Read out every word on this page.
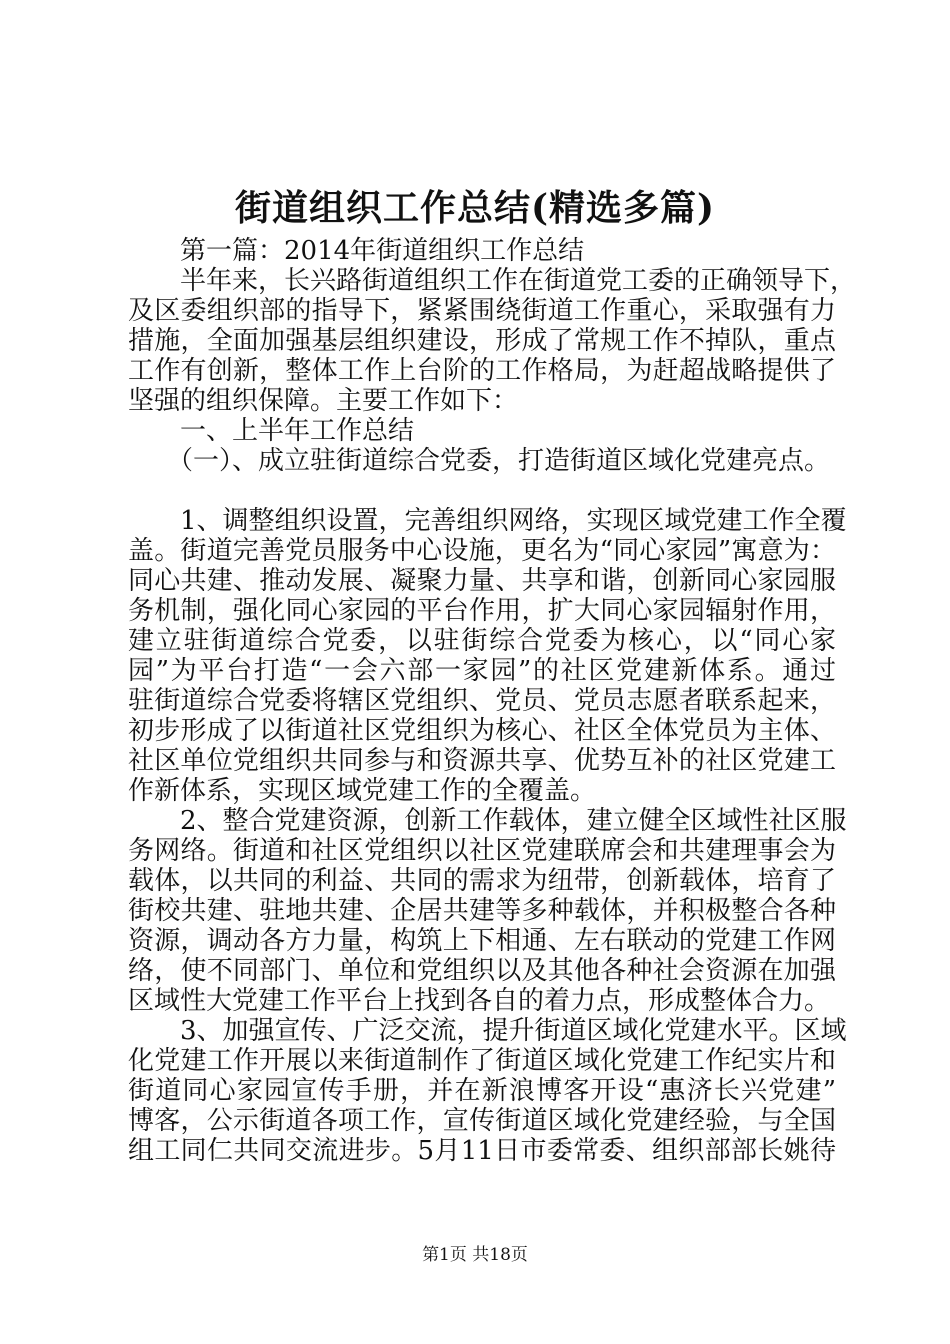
街道组织工作总结(精选多篇)
　　第一篇：2014年街道组织工作总结
　　半年来，长兴路街道组织工作在街道党工委的正确领导下，
及区委组织部的指导下，紧紧围绕街道工作重心，采取强有力
措施，全面加强基层组织建设，形成了常规工作不掉队，重点
工作有创新，整体工作上台阶的工作格局，为赶超战略提供了
坚强的组织保障。主要工作如下：
　　一、上半年工作总结
　　（一）、成立驻街道综合党委，打造街道区域化党建亮点。
　　1、调整组织设置，完善组织网络，实现区域党建工作全覆
盖。街道完善党员服务中心设施，更名为“同心家园”寓意为：
同心共建、推动发展、凝聚力量、共享和谐，创新同心家园服
务机制，强化同心家园的平台作用，扩大同心家园辐射作用，
建立驻街道综合党委，以驻街综合党委为核心，以“同心家
园”为平台打造“一会六部一家园”的社区党建新体系。通过
驻街道综合党委将辖区党组织、党员、党员志愿者联系起来，
初步形成了以街道社区党组织为核心、社区全体党员为主体、
社区单位党组织共同参与和资源共享、优势互补的社区党建工
作新体系，实现区域党建工作的全覆盖。
　　2、整合党建资源，创新工作载体，建立健全区域性社区服
务网络。街道和社区党组织以社区党建联席会和共建理事会为
载体，以共同的利益、共同的需求为纽带，创新载体，培育了
街校共建、驻地共建、企居共建等多种载体，并积极整合各种
资源，调动各方力量，构筑上下相通、左右联动的党建工作网
络，使不同部门、单位和党组织以及其他各种社会资源在加强
区域性大党建工作平台上找到各自的着力点，形成整体合力。
　　3、加强宣传、广泛交流，提升街道区域化党建水平。区域
化党建工作开展以来街道制作了街道区域化党建工作纪实片和
街道同心家园宣传手册，并在新浪博客开设“惠济长兴党建”
博客，公示街道各项工作，宣传街道区域化党建经验，与全国
组工同仁共同交流进步。5月11日市委常委、组织部部长姚待
第1页 共18页
